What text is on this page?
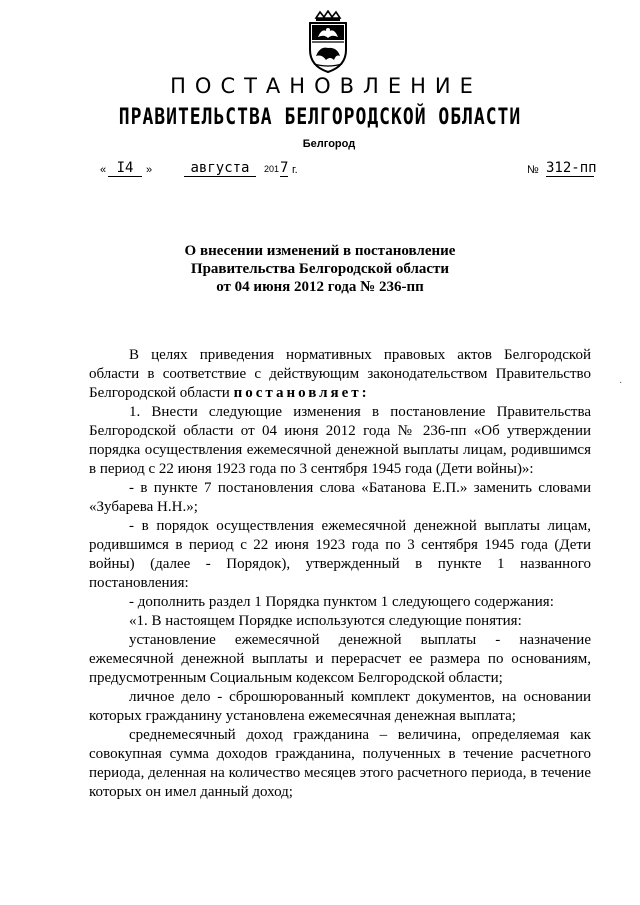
ПОСТАНОВЛЕНИЕ
ПРАВИТЕЛЬСТВА БЕЛГОРОДСКОЙ ОБЛАСТИ
Белгород
« I4	»	августа	201 7 г.	№ 312-пп
О внесении изменений в постановление
Правительства Белгородской области
от 04 июня 2012 года № 236-пп

В целях приведения нормативных правовых актов Белгородской области в соответствие с действующим законодательством Правительство Белгородской области постановляет:

1. Внести следующие изменения в постановление Правительства Белгородской области от 04 июня 2012 года № 236-пп «Об утверждении порядка осуществления ежемесячной денежной выплаты лицам, родившимся в период с 22 июня 1923 года по 3 сентября 1945 года (Дети войны)»:

- в пункте 7 постановления слова «Батанова Е.П.» заменить словами «Зубарева Н.Н.»;

- в порядок осуществления ежемесячной денежной выплаты лицам, родившимся в период с 22 июня 1923 года по 3 сентября 1945 года (Дети войны) (далее - Порядок), утвержденный в пункте 1 названного постановления:

- дополнить раздел 1 Порядка пунктом 1 следующего содержания:

«1. В настоящем Порядке используются следующие понятия:

установление ежемесячной денежной выплаты - назначение ежемесячной денежной выплаты и перерасчет ее размера по основаниям, предусмотренным Социальным кодексом Белгородской области;

личное дело - сброшюрованный комплект документов, на основании которых гражданину установлена ежемесячная денежная выплата;

среднемесячный доход гражданина – величина, определяемая как совокупная сумма доходов гражданина, полученных в течение расчетного периода, деленная на количество месяцев этого расчетного периода, в течение которых он имел данный доход;

·
